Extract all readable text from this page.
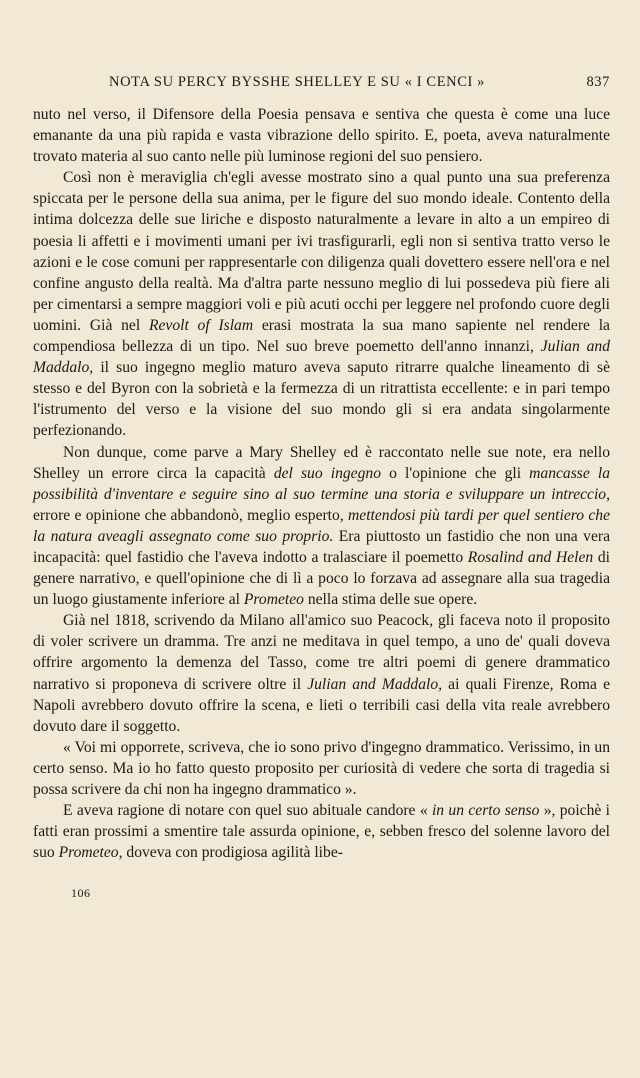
NOTA SU PERCY BYSSHE SHELLEY E SU « I CENCI »	837

nuto nel verso, il Difensore della Poesia pensava e sentiva che questa è come una luce emanante da una più rapida e vasta vibrazione dello spirito. E, poeta, aveva naturalmente trovato materia al suo canto nelle più luminose regioni del suo pensiero.

Così non è meraviglia ch'egli avesse mostrato sino a qual punto una sua preferenza spiccata per le persone della sua anima, per le figure del suo mondo ideale. Contento della intima dolcezza delle sue liriche e disposto naturalmente a levare in alto a un empireo di poesia li affetti e i movimenti umani per ivi trasfigurarli, egli non si sentiva tratto verso le azioni e le cose comuni per rappresentarle con diligenza quali dovettero essere nell'ora e nel confine angusto della realtà. Ma d'altra parte nessuno meglio di lui possedeva più fiere ali per cimentarsi a sempre maggiori voli e più acuti occhi per leggere nel profondo cuore degli uomini. Già nel Revolt of Islam erasi mostrata la sua mano sapiente nel rendere la compendiosa bellezza di un tipo. Nel suo breve poemetto dell'anno innanzi, Julian and Maddalo, il suo ingegno meglio maturo aveva saputo ritrarre qualche lineamento di sè stesso e del Byron con la sobrietà e la fermezza di un ritrattista eccellente: e in pari tempo l'istrumento del verso e la visione del suo mondo gli si era andata singolarmente perfezionando.

Non dunque, come parve a Mary Shelley ed è raccontato nelle sue note, era nello Shelley un errore circa la capacità del suo ingegno o l'opinione che gli mancasse la possibilità d'inventare e seguire sino al suo termine una storia e sviluppare un intreccio, errore e opinione che abbandonò, meglio esperto, mettendosi più tardi per quel sentiero che la natura aveagli assegnato come suo proprio. Era piuttosto un fastidio che non una vera incapacità: quel fastidio che l'aveva indotto a tralasciare il poemetto Rosalind and Helen di genere narrativo, e quell'opinione che di lì a poco lo forzava ad assegnare alla sua tragedia un luogo giustamente inferiore al Prometeo nella stima delle sue opere.

Già nel 1818, scrivendo da Milano all'amico suo Peacock, gli faceva noto il proposito di voler scrivere un dramma. Tre anzi ne meditava in quel tempo, a uno de' quali doveva offrire argomento la demenza del Tasso, come tre altri poemi di genere drammatico narrativo si proponeva di scrivere oltre il Julian and Maddalo, ai quali Firenze, Roma e Napoli avrebbero dovuto offrire la scena, e lieti o terribili casi della vita reale avrebbero dovuto dare il soggetto.

« Voi mi opporrete, scriveva, che io sono privo d'ingegno drammatico. Verissimo, in un certo senso. Ma io ho fatto questo proposito per curiosità di vedere che sorta di tragedia si possa scrivere da chi non ha ingegno drammatico ».

E aveva ragione di notare con quel suo abituale candore « in un certo senso », poichè i fatti eran prossimi a smentire tale assurda opinione, e, sebben fresco del solenne lavoro del suo Prometeo, doveva con prodigiosa agilità libe-

106
